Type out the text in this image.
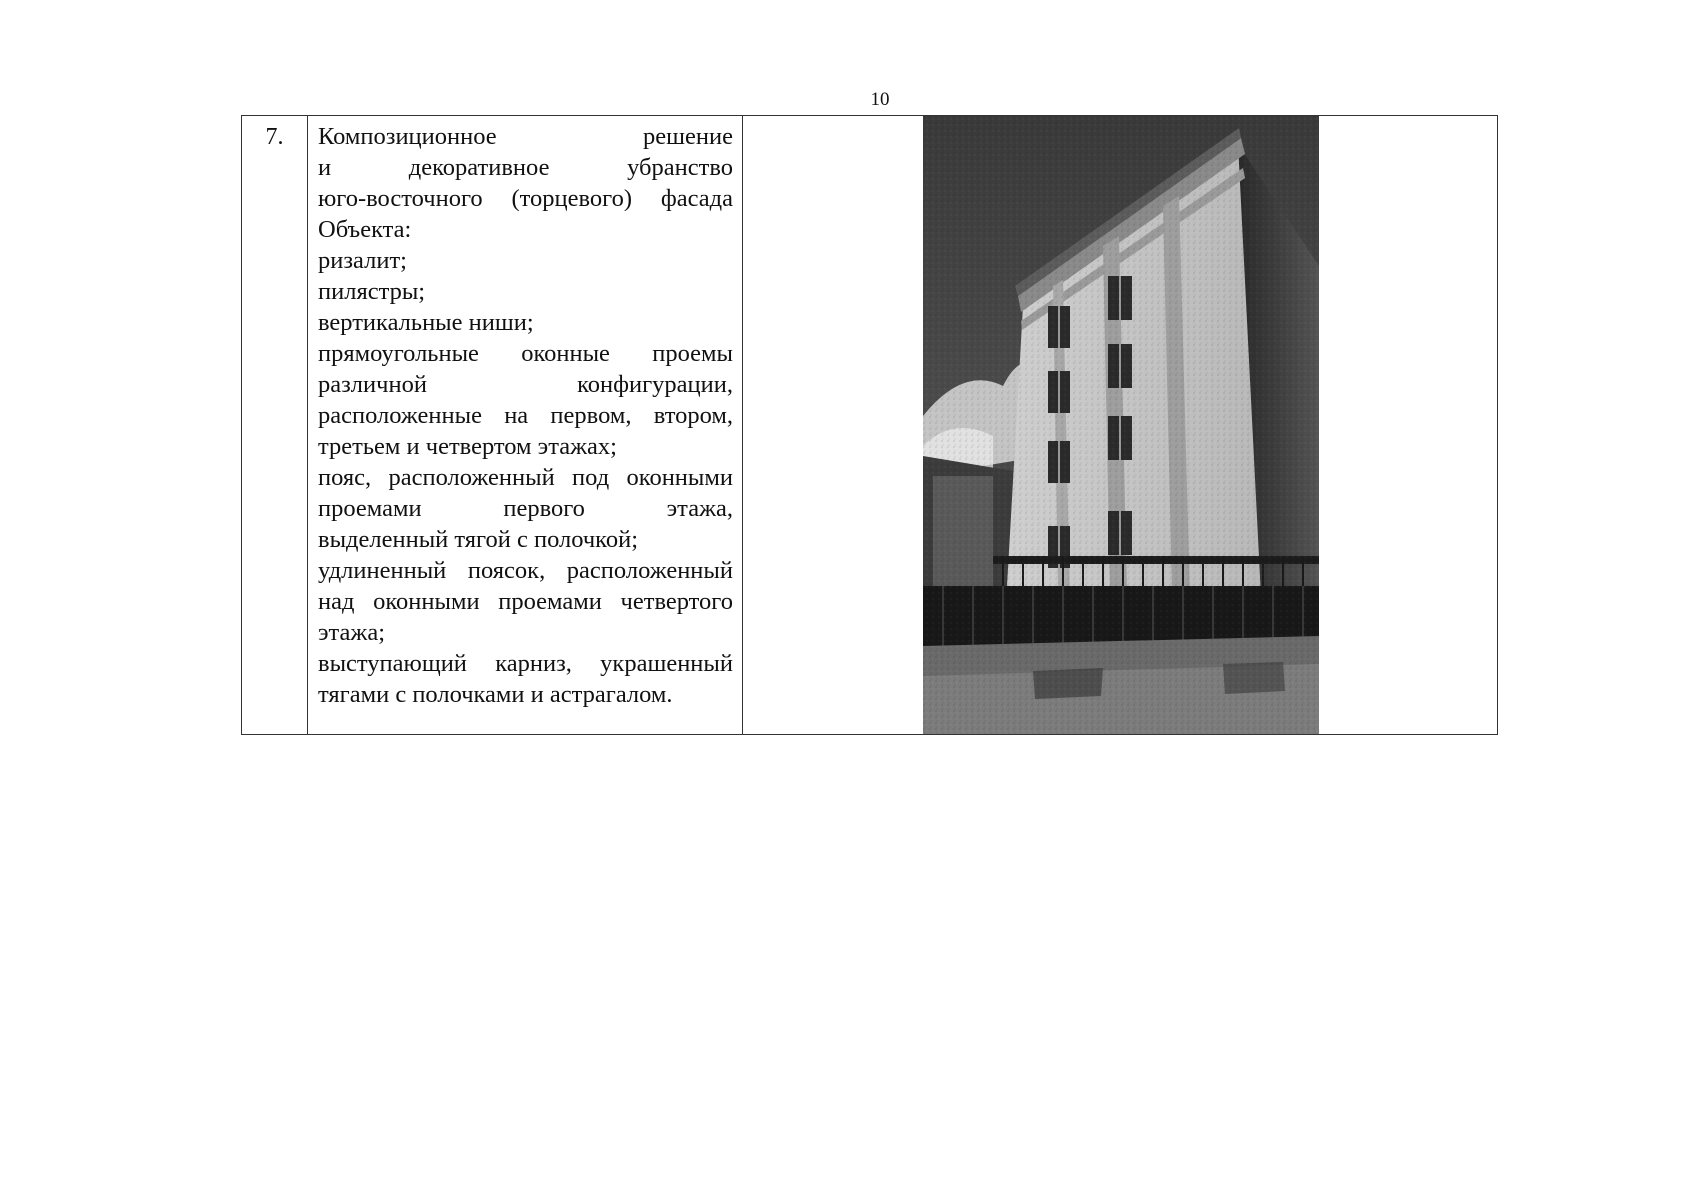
10
7.	Композиционное решение
и декоративное убранство
юго-восточного (торцевого) фасада
Объекта:
ризалит;
пилястры;
вертикальные ниши;
прямоугольные оконные проемы
различной конфигурации,
расположенные на первом, втором,
третьем и четвертом этажах;
пояс, расположенный под оконными
проемами первого этажа,
выделенный тягой с полочкой;
удлиненный поясок, расположенный
над оконными проемами четвертого
этажа;
выступающий карниз, украшенный
тягами с полочками и астрагалом.
